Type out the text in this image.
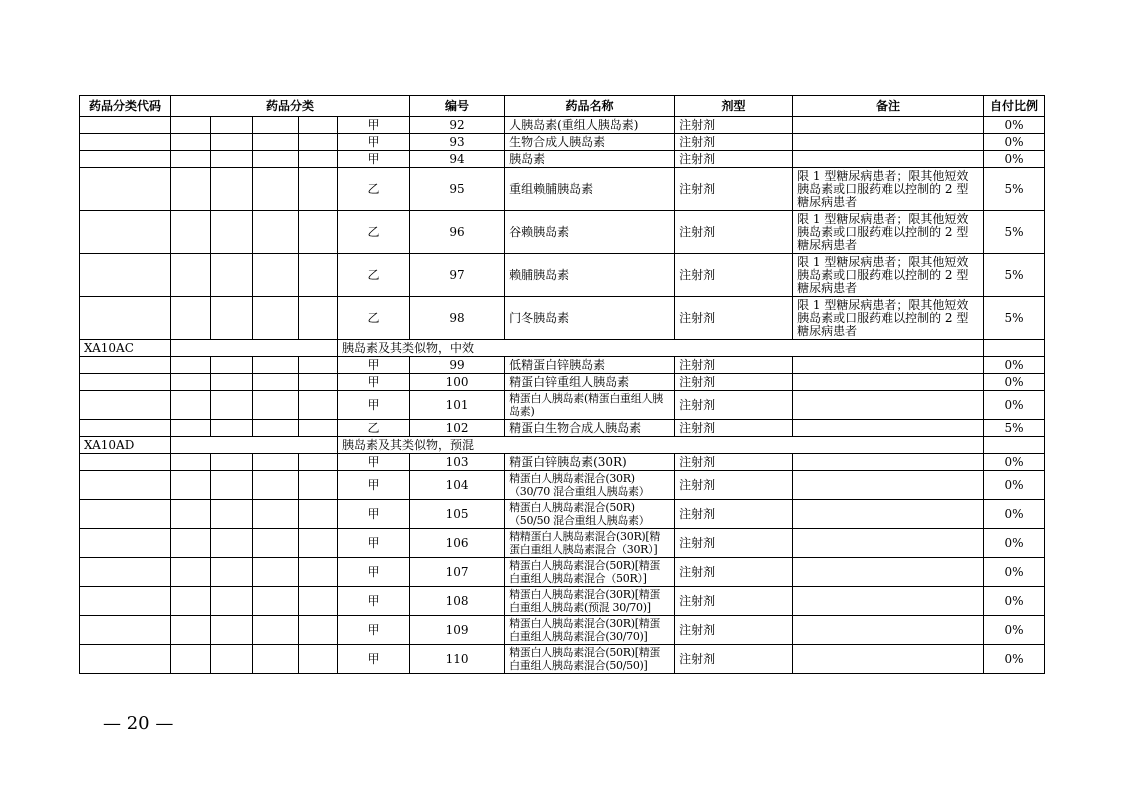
药品分类代码	药品分类					编号	药品名称	剂型	备注	自付比例	
					甲	92	人胰岛素(重组人胰岛素)	注射剂		0%	
					甲	93	生物合成人胰岛素	注射剂		0%	
					甲	94	胰岛素	注射剂		0%	
					乙	95	重组赖脯胰岛素	注射剂	限 1 型糖尿病患者；限其他短效胰岛素或口服药难以控制的 2 型糖尿病患者	5%	
					乙	96	谷赖胰岛素	注射剂	限 1 型糖尿病患者；限其他短效胰岛素或口服药难以控制的 2 型糖尿病患者	5%	
					乙	97	赖脯胰岛素	注射剂	限 1 型糖尿病患者；限其他短效胰岛素或口服药难以控制的 2 型糖尿病患者	5%	
					乙	98	门冬胰岛素	注射剂	限 1 型糖尿病患者；限其他短效胰岛素或口服药难以控制的 2 型糖尿病患者	5%	
XA10AC					胰岛素及其类似物，中效						
					甲	99	低精蛋白锌胰岛素	注射剂		0%	
					甲	100	精蛋白锌重组人胰岛素	注射剂		0%	
					甲	101	精蛋白人胰岛素(精蛋白重组人胰岛素)	注射剂		0%	
					乙	102	精蛋白生物合成人胰岛素	注射剂		5%	
XA10AD					胰岛素及其类似物，预混						
					甲	103	精蛋白锌胰岛素(30R)	注射剂		0%	
					甲	104	精蛋白人胰岛素混合(30R)（30/70 混合重组人胰岛素）	注射剂		0%	
					甲	105	精蛋白人胰岛素混合(50R)（50/50 混合重组人胰岛素）	注射剂		0%	
					甲	106	精精蛋白人胰岛素混合(30R)[精蛋白重组人胰岛素混合（30R）]	注射剂		0%	
					甲	107	精蛋白人胰岛素混合(50R)[精蛋白重组人胰岛素混合（50R）]	注射剂		0%	
					甲	108	精蛋白人胰岛素混合(30R)[精蛋白重组人胰岛素(预混 30/70)]	注射剂		0%	
					甲	109	精蛋白人胰岛素混合(30R)[精蛋白重组人胰岛素混合(30/70)]	注射剂		0%	
					甲	110	精蛋白人胰岛素混合(50R)[精蛋白重组人胰岛素混合(50/50)]	注射剂		0%	
— 20 —
